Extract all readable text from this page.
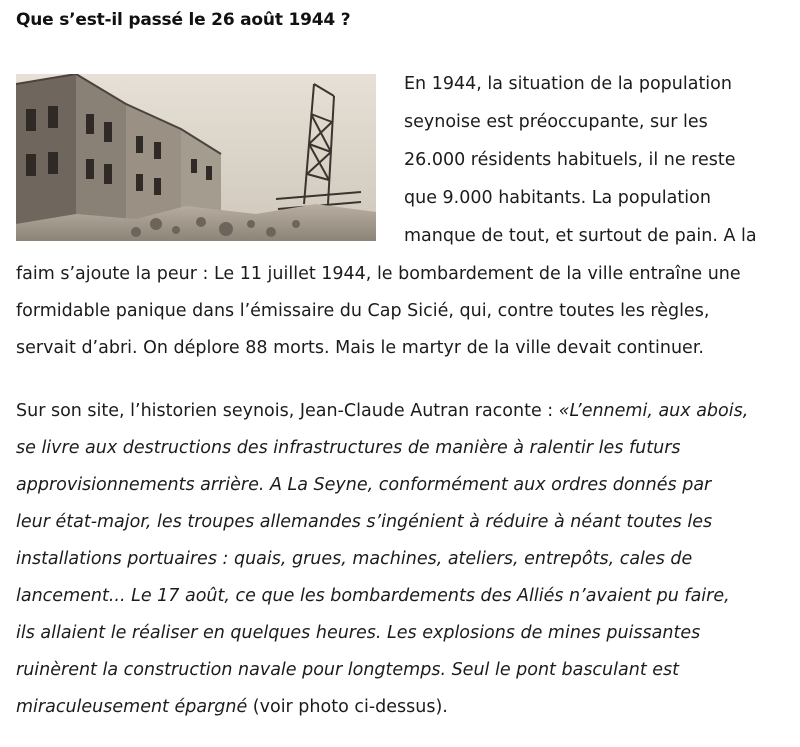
Que s’est-il passé le 26 août 1944 ?
En 1944, la situation de la population
seynoise est préoccupante, sur les
26.000 résidents habituels, il ne reste
que 9.000 habitants. La population
manque de tout, et surtout de pain. A la
faim s’ajoute la peur : Le 11 juillet 1944, le bombardement de la ville entraîne une
formidable panique dans l’émissaire du Cap Sicié, qui, contre toutes les règles,
servait d’abri. On déplore 88 morts. Mais le martyr de la ville devait continuer.
Sur son site, l’historien seynois, Jean-Claude Autran raconte : «L’ennemi, aux abois,
se livre aux destructions des infrastructures de manière à ralentir les futurs
approvisionnements arrière. A La Seyne, conformément aux ordres donnés par
leur état-major, les troupes allemandes s’ingénient à réduire à néant toutes les
installations portuaires : quais, grues, machines, ateliers, entrepôts, cales de
lancement... Le 17 août, ce que les bombardements des Alliés n’avaient pu faire,
ils allaient le réaliser en quelques heures. Les explosions de mines puissantes
ruinèrent la construction navale pour longtemps. Seul le pont basculant est
miraculeusement épargné (voir photo ci-dessus).
